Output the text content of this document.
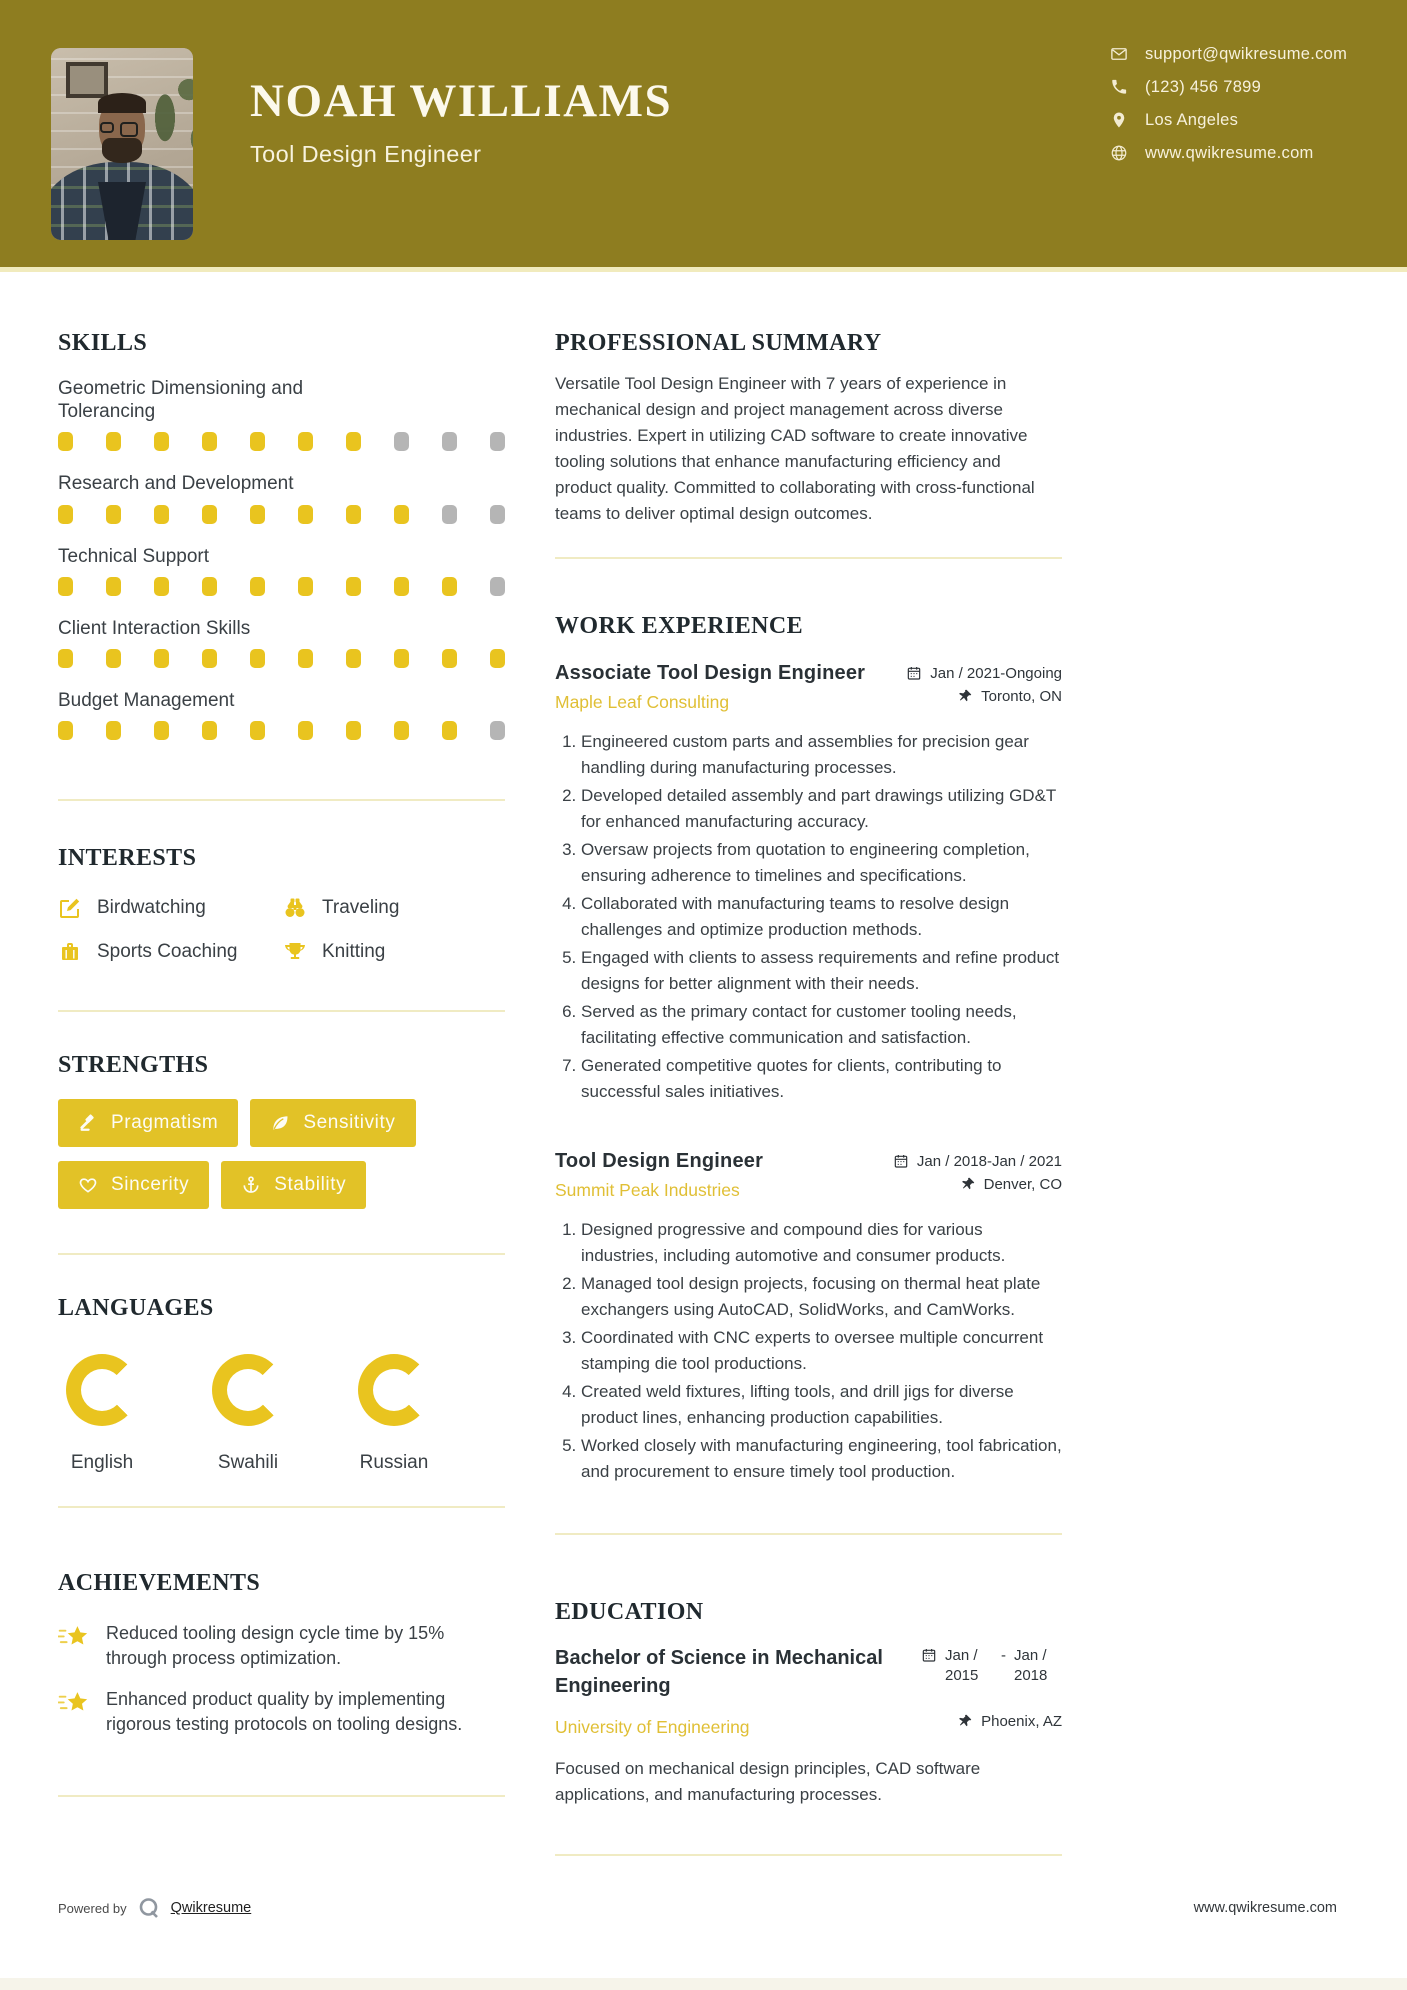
NOAH WILLIAMS
Tool Design Engineer
support@qwikresume.com
(123) 456 7899
Los Angeles
www.qwikresume.com
SKILLS
Geometric Dimensioning and Tolerancing
Research and Development
Technical Support
Client Interaction Skills
Budget Management
INTERESTS
Birdwatching	Traveling
Sports Coaching	Knitting
STRENGTHS
Pragmatism	Sensitivity
Sincerity	Stability
LANGUAGES
English	Swahili	Russian
ACHIEVEMENTS

Reduced tooling design cycle time by 15% through process optimization.

Enhanced product quality by implementing rigorous testing protocols on tooling designs.

PROFESSIONAL SUMMARY

Versatile Tool Design Engineer with 7 years of experience in mechanical design and project management across diverse industries. Expert in utilizing CAD software to create innovative tooling solutions that enhance manufacturing efficiency and product quality. Committed to collaborating with cross-functional teams to deliver optimal design outcomes.

WORK EXPERIENCE
Associate Tool Design Engineer	Jan / 2021-Ongoing
Maple Leaf Consulting	Toronto, ON
1. Engineered custom parts and assemblies for precision gear handling during manufacturing processes.
2. Developed detailed assembly and part drawings utilizing GD&T for enhanced manufacturing accuracy.
3. Oversaw projects from quotation to engineering completion, ensuring adherence to timelines and specifications.
4. Collaborated with manufacturing teams to resolve design challenges and optimize production methods.
5. Engaged with clients to assess requirements and refine product designs for better alignment with their needs.
6. Served as the primary contact for customer tooling needs, facilitating effective communication and satisfaction.
7. Generated competitive quotes for clients, contributing to successful sales initiatives.
Tool Design Engineer	Jan / 2018-Jan / 2021
Summit Peak Industries	Denver, CO
1. Designed progressive and compound dies for various industries, including automotive and consumer products.
2. Managed tool design projects, focusing on thermal heat plate exchangers using AutoCAD, SolidWorks, and CamWorks.
3. Coordinated with CNC experts to oversee multiple concurrent stamping die tool productions.
4. Created weld fixtures, lifting tools, and drill jigs for diverse product lines, enhancing production capabilities.
5. Worked closely with manufacturing engineering, tool fabrication, and procurement to ensure timely tool production.
EDUCATION
Bachelor of Science in Mechanical Engineering
Jan / 2015
- Jan / 2018
University of Engineering	Phoenix, AZ

Focused on mechanical design principles, CAD software applications, and manufacturing processes.

Powered by	Qwikresume	www.qwikresume.com
